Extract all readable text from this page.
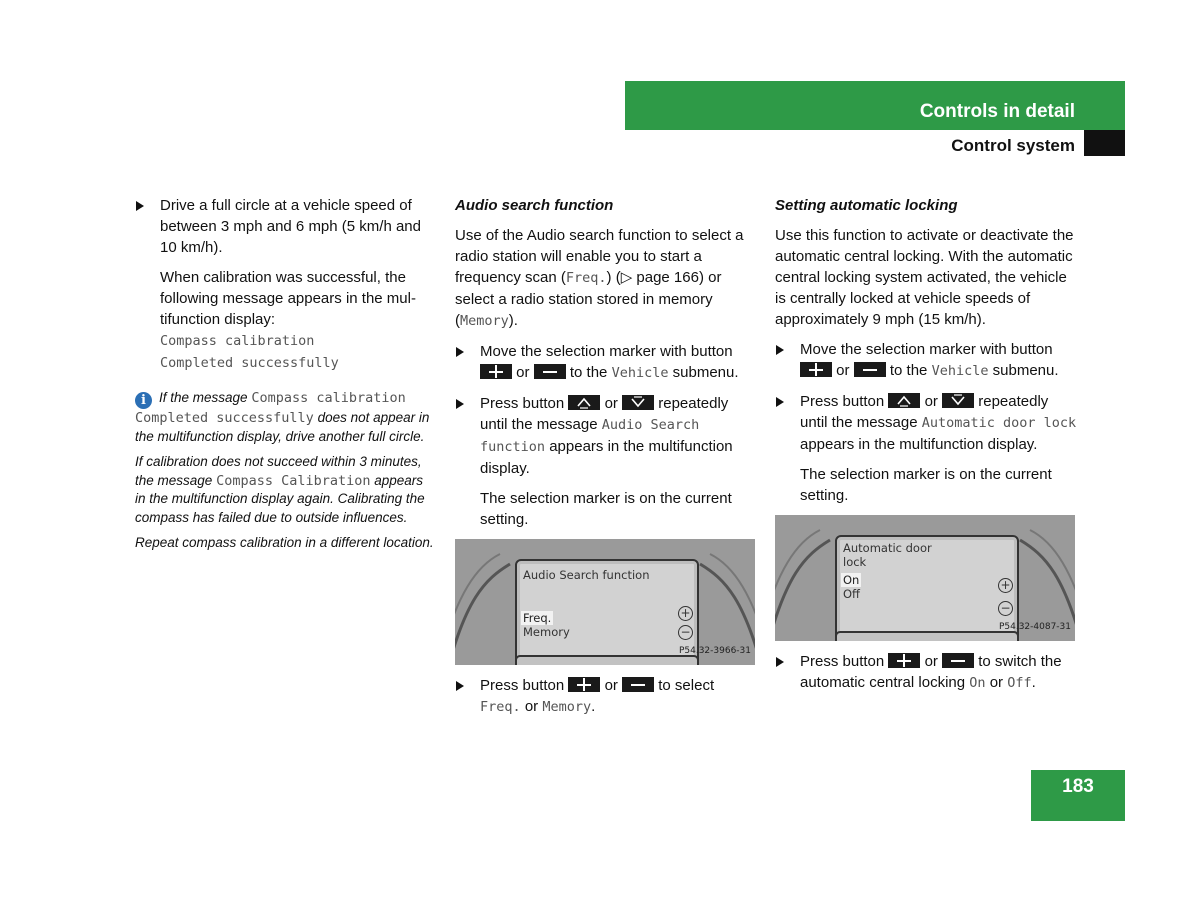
Controls in detail
Control system
Drive a full circle at a vehicle speed of between 3 mph and 6 mph (5 km/h and 10 km/h).
When calibration was successful, the following message appears in the mul-tifunction display:
Compass calibration
Completed successfully

i If the message Compass calibration Completed successfully does not appear in the multifunction display, drive another full circle.

If calibration does not succeed within 3 minutes, the message Compass Calibration appears in the multifunction display again. Calibrating the compass has failed due to outside influences.

Repeat compass calibration in a different location.

Audio search function

Use of the Audio search function to select a radio station will enable you to start a frequency scan (Freq.) (▷ page 166) or select a radio station stored in memory (Memory).

Move the selection marker with button  or	to the Vehicle submenu.
Press button	or	repeatedly until the message Audio Search function appears in the multifunction display.
The selection marker is on the current setting.
Audio Search function
Freq.
Memory
+
−
P54.32-3966-31
Press button	or	to select Freq. or Memory.
Setting automatic locking

Use this function to activate or deactivate the automatic central locking. With the automatic central locking system activated, the vehicle is centrally locked at vehicle speeds of approximately 9 mph (15 km/h).

Move the selection marker with button  or	to the Vehicle submenu.
Press button	or	repeatedly until the message Automatic door lock appears in the multifunction display.
The selection marker is on the current setting.
Automatic door
lock
On
Off
+
−
P54.32-4087-31
Press button	or	to switch the automatic central locking On or Off.
183
